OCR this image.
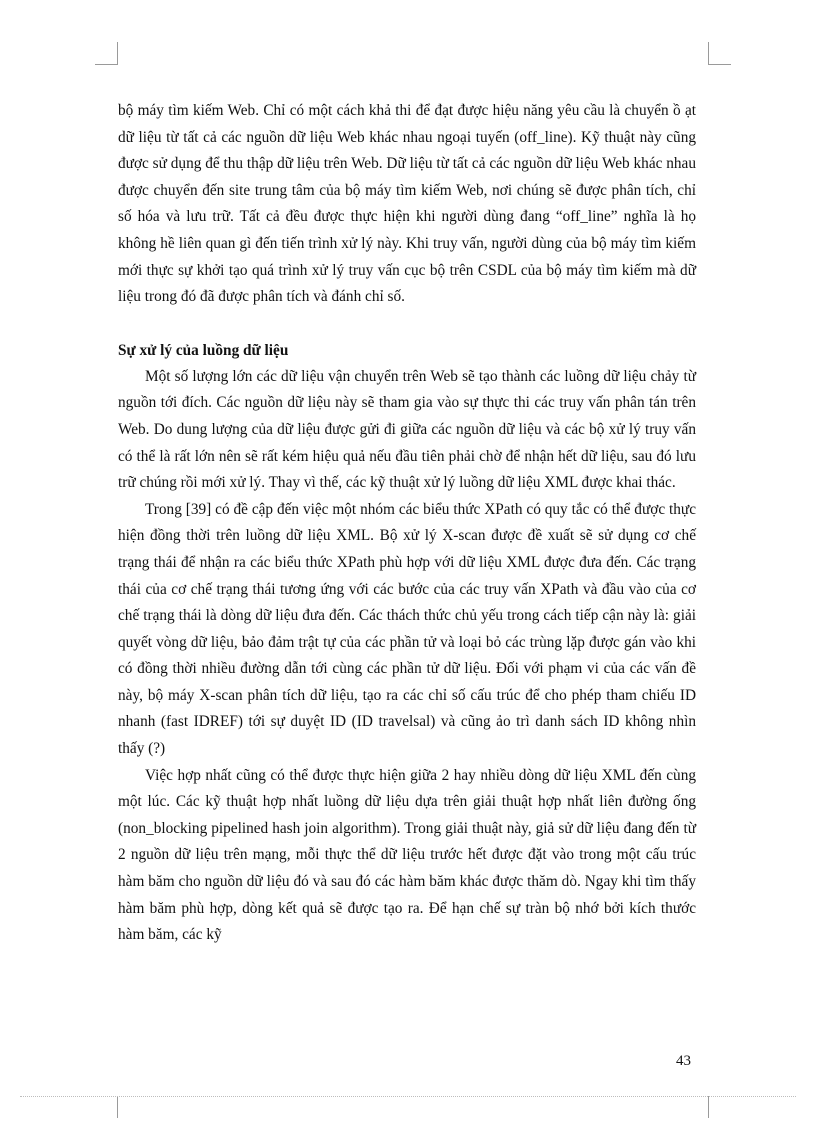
bộ máy tìm kiếm Web. Chỉ có một cách khả thi để đạt được hiệu năng yêu cầu là chuyển ồ ạt dữ liệu từ tất cả các nguồn dữ liệu Web khác nhau ngoại tuyến (off_line). Kỹ thuật này cũng được sử dụng để thu thập dữ liệu trên Web. Dữ liệu từ tất cả các nguồn dữ liệu Web khác nhau được chuyển đến site trung tâm của bộ máy tìm kiếm Web, nơi chúng sẽ được phân tích, chỉ số hóa và lưu trữ. Tất cả đều được thực hiện khi người dùng đang “off_line” nghĩa là họ không hề liên quan gì đến tiến trình xử lý này. Khi truy vấn, người dùng của bộ máy tìm kiếm mới thực sự khởi tạo quá trình xử lý truy vấn cục bộ trên CSDL của bộ máy tìm kiếm mà dữ liệu trong đó đã được phân tích và đánh chỉ số.

Sự xử lý của luồng dữ liệu

Một số lượng lớn các dữ liệu vận chuyển trên Web sẽ tạo thành các luồng dữ liệu chảy từ nguồn tới đích. Các nguồn dữ liệu này sẽ tham gia vào sự thực thi các truy vấn phân tán trên Web. Do dung lượng của dữ liệu được gửi đi giữa các nguồn dữ liệu và các bộ xử lý truy vấn có thể là rất lớn nên sẽ rất kém hiệu quả nếu đầu tiên phải chờ để nhận hết dữ liệu, sau đó lưu trữ chúng rồi mới xử lý. Thay vì thế, các kỹ thuật xử lý luồng dữ liệu XML được khai thác.

Trong [39] có đề cập đến việc một nhóm các biểu thức XPath có quy tắc có thể được thực hiện đồng thời trên luồng dữ liệu XML. Bộ xử lý X-scan được đề xuất sẽ sử dụng cơ chế trạng thái để nhận ra các biểu thức XPath phù hợp với dữ liệu XML được đưa đến. Các trạng thái của cơ chế trạng thái tương ứng với các bước của các truy vấn XPath và đầu vào của cơ chế trạng thái là dòng dữ liệu đưa đến. Các thách thức chủ yếu trong cách tiếp cận này là: giải quyết vòng dữ liệu, bảo đảm trật tự của các phần tử và loại bỏ các trùng lặp được gán vào khi có đồng thời nhiều đường dẫn tới cùng các phần tử dữ liệu. Đối với phạm vi của các vấn đề này, bộ máy X-scan phân tích dữ liệu, tạo ra các chỉ số cấu trúc để cho phép tham chiếu ID nhanh (fast IDREF) tới sự duyệt ID (ID travelsal) và cũng ảo trì danh sách ID không nhìn thấy (?)

Việc hợp nhất cũng có thể được thực hiện giữa 2 hay nhiều dòng dữ liệu XML đến cùng một lúc. Các kỹ thuật hợp nhất luồng dữ liệu dựa trên giải thuật hợp nhất liên đường ống (non_blocking pipelined hash join algorithm). Trong giải thuật này, giả sử dữ liệu đang đến từ 2 nguồn dữ liệu trên mạng, mỗi thực thể dữ liệu trước hết được đặt vào trong một cấu trúc hàm băm cho nguồn dữ liệu đó và sau đó các hàm băm khác được thăm dò. Ngay khi tìm thấy hàm băm phù hợp, dòng kết quả sẽ được tạo ra. Để hạn chế sự tràn bộ nhớ bởi kích thước hàm băm, các kỹ

43
